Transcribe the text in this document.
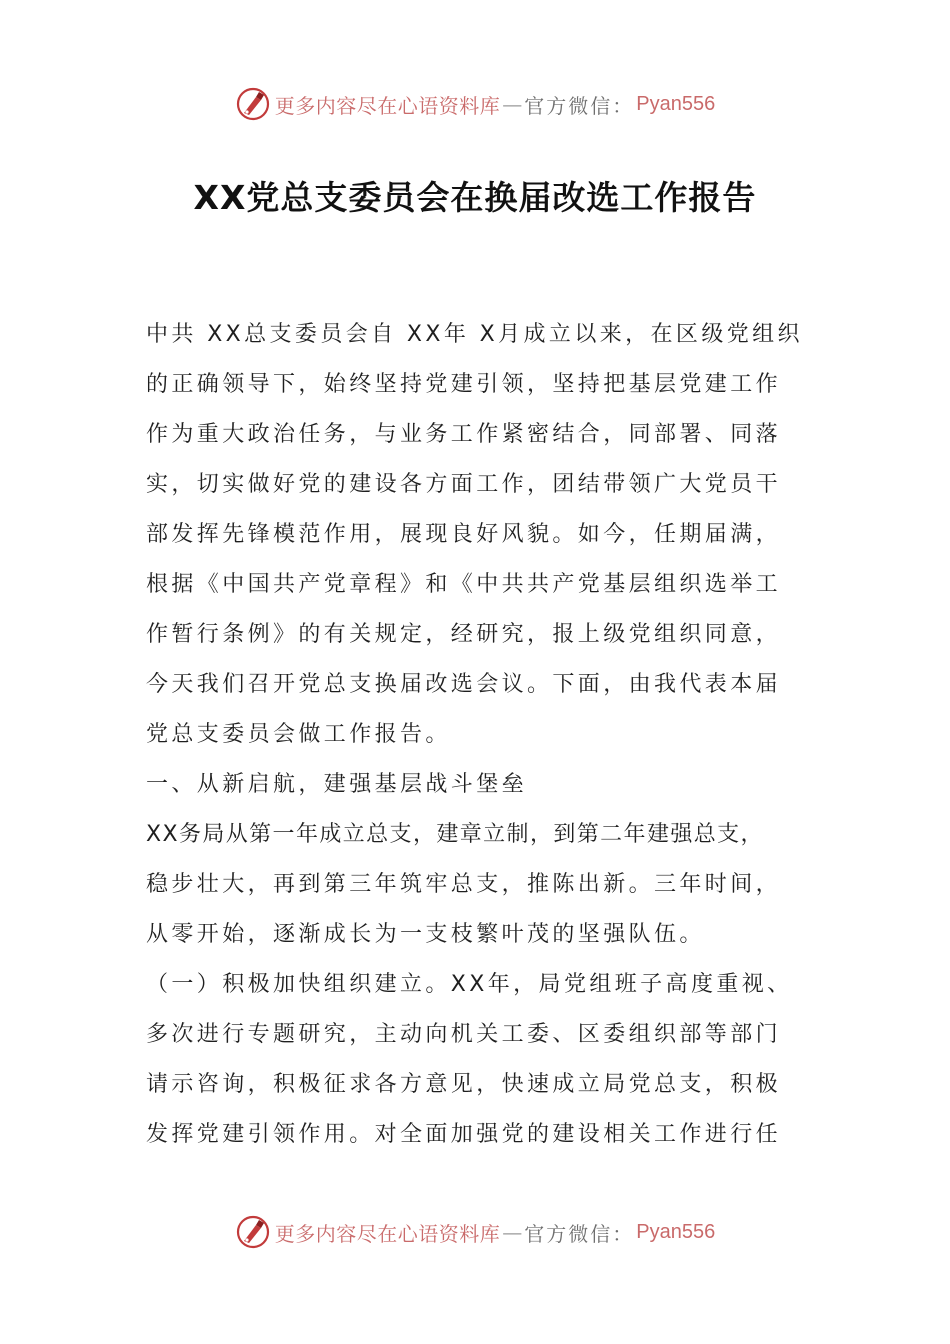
更多内容尽在心语资料库 — 官方微信： Pyan556
XX党总支委员会在换届改选工作报告
中共 XX总支委员会自 XX年 X月成立以来，在区级党组织
的正确领导下，始终坚持党建引领，坚持把基层党建工作
作为重大政治任务，与业务工作紧密结合，同部署、同落
实，切实做好党的建设各方面工作，团结带领广大党员干
部发挥先锋模范作用，展现良好风貌。如今，任期届满，
根据《中国共产党章程》和《中共共产党基层组织选举工
作暂行条例》的有关规定，经研究，报上级党组织同意，
今天我们召开党总支换届改选会议。下面，由我代表本届
党总支委员会做工作报告。
一、从新启航，建强基层战斗堡垒
XX务局从第一年成立总支，建章立制，到第二年建强总支，
稳步壮大，再到第三年筑牢总支，推陈出新。三年时间，
从零开始，逐渐成长为一支枝繁叶茂的坚强队伍。
（一）积极加快组织建立。XX年，局党组班子高度重视、
多次进行专题研究，主动向机关工委、区委组织部等部门
请示咨询，积极征求各方意见，快速成立局党总支，积极
发挥党建引领作用。对全面加强党的建设相关工作进行任
更多内容尽在心语资料库 — 官方微信： Pyan556
